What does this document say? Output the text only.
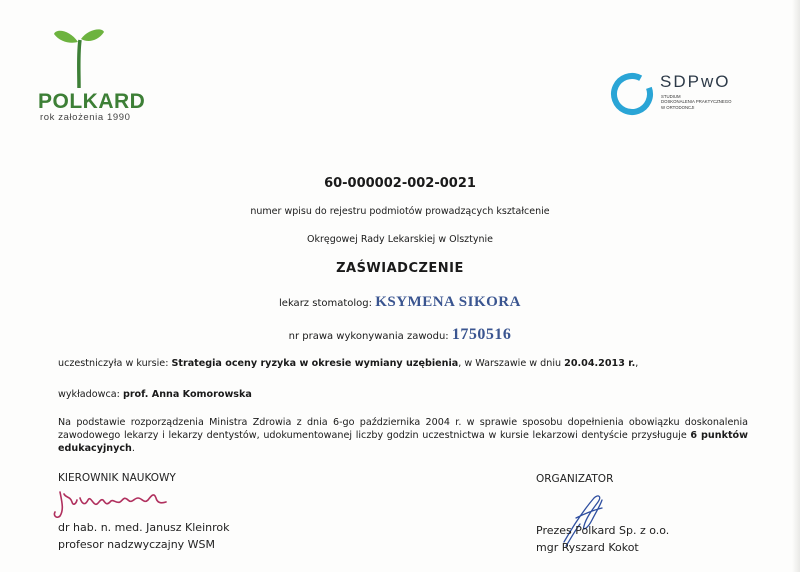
POLKARD
rok założenia 1990
SDPwO
STUDIUM
DOSKONALENIA PRAKTYCZNEGO
W ORTODONCJI
60-000002-002-0021
numer wpisu do rejestru podmiotów prowadzących kształcenie
Okręgowej Rady Lekarskiej w Olsztynie
ZAŚWIADCZENIE
lekarz stomatolog: KSYMENA SIKORA
nr prawa wykonywania zawodu: 1750516
uczestniczyła w kursie: Strategia oceny ryzyka w okresie wymiany uzębienia, w Warszawie w dniu 20.04.2013 r.,
wykładowca: prof. Anna Komorowska
Na podstawie rozporządzenia Ministra Zdrowia z dnia 6-go października 2004 r. w sprawie sposobu dopełnienia obowiązku doskonalenia zawodowego lekarzy i lekarzy dentystów, udokumentowanej liczby godzin uczestnictwa w kursie lekarzowi dentyście przysługuje 6 punktów edukacyjnych.
KIEROWNIK NAUKOWY
dr hab. n. med. Janusz Kleinrok
profesor nadzwyczajny WSM
ORGANIZATOR
Prezes Polkard Sp. z o.o.
mgr Ryszard Kokot
